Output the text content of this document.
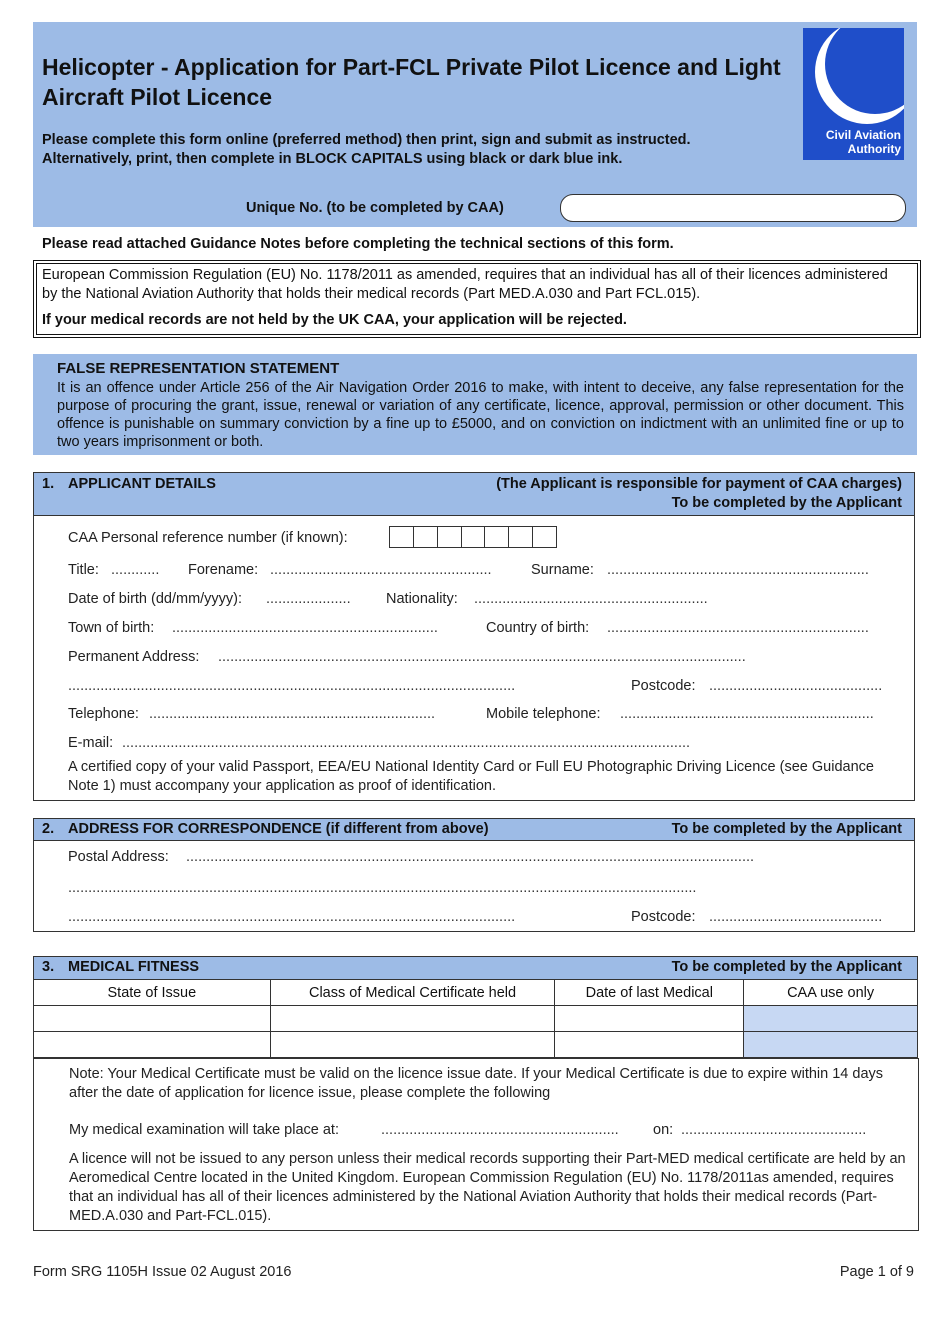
Helicopter - Application for Part-FCL Private Pilot Licence and Light Aircraft Pilot Licence
Please complete this form online (preferred method) then print, sign and submit as instructed.
Alternatively, print, then complete in BLOCK CAPITALS using black or dark blue ink.
Civil Aviation
Authority
Unique No. (to be completed by CAA)
Please read attached Guidance Notes before completing the technical sections of this form.
European Commission Regulation (EU) No. 1178/2011 as amended, requires that an individual has all of their licences administered by the National Aviation Authority that holds their medical records (Part MED.A.030 and Part FCL.015).
If your medical records are not held by the UK CAA, your application will be rejected.
FALSE REPRESENTATION STATEMENT
It is an offence under Article 256 of the Air Navigation Order 2016 to make, with intent to deceive, any false representation for the purpose of procuring the grant, issue, renewal or variation of any certificate, licence, approval, permission or other document. This offence is punishable on summary conviction by a fine up to £5000, and on conviction on indictment with an unlimited fine or up to two years imprisonment or both.
1. APPLICANT DETAILS	(The Applicant is responsible for payment of CAA charges)
To be completed by the Applicant
CAA Personal reference number (if known):
Title: ............ Forename: .......................................................	Surname: .................................................................
Date of birth (dd/mm/yyyy): ..................... Nationality: ..........................................................
Town of birth: ..................................................................	Country of birth: .................................................................
Permanent Address: ...................................................................................................................................
...............................................................................................................	Postcode: ...........................................
Telephone: .......................................................................	Mobile telephone: ...............................................................
E-mail: .............................................................................................................................................
A certified copy of your valid Passport, EEA/EU National Identity Card or Full EU Photographic Driving Licence (see Guidance Note 1) must accompany your application as proof of identification.
2. ADDRESS FOR CORRESPONDENCE (if different from above)	To be completed by the Applicant
Postal Address: .............................................................................................................................................
............................................................................................................................................................
...............................................................................................................	Postcode: ...........................................
3. MEDICAL FITNESS	To be completed by the Applicant
State of Issue	Class of Medical Certificate held	Date of last Medical	CAA use only

Note: Your Medical Certificate must be valid on the licence issue date. If your Medical Certificate is due to expire within 14 days after the date of application for licence issue, please complete the following
My medical examination will take place at:	........................................................... on: ..............................................
A licence will not be issued to any person unless their medical records supporting their Part-MED medical certificate are held by an Aeromedical Centre located in the United Kingdom. European Commission Regulation (EU) No. 1178/2011as amended, requires that an individual has all of their licences administered by the National Aviation Authority that holds their medical records (Part-MED.A.030 and Part-FCL.015).
Form SRG 1105H Issue 02 August 2016	Page 1 of 9
